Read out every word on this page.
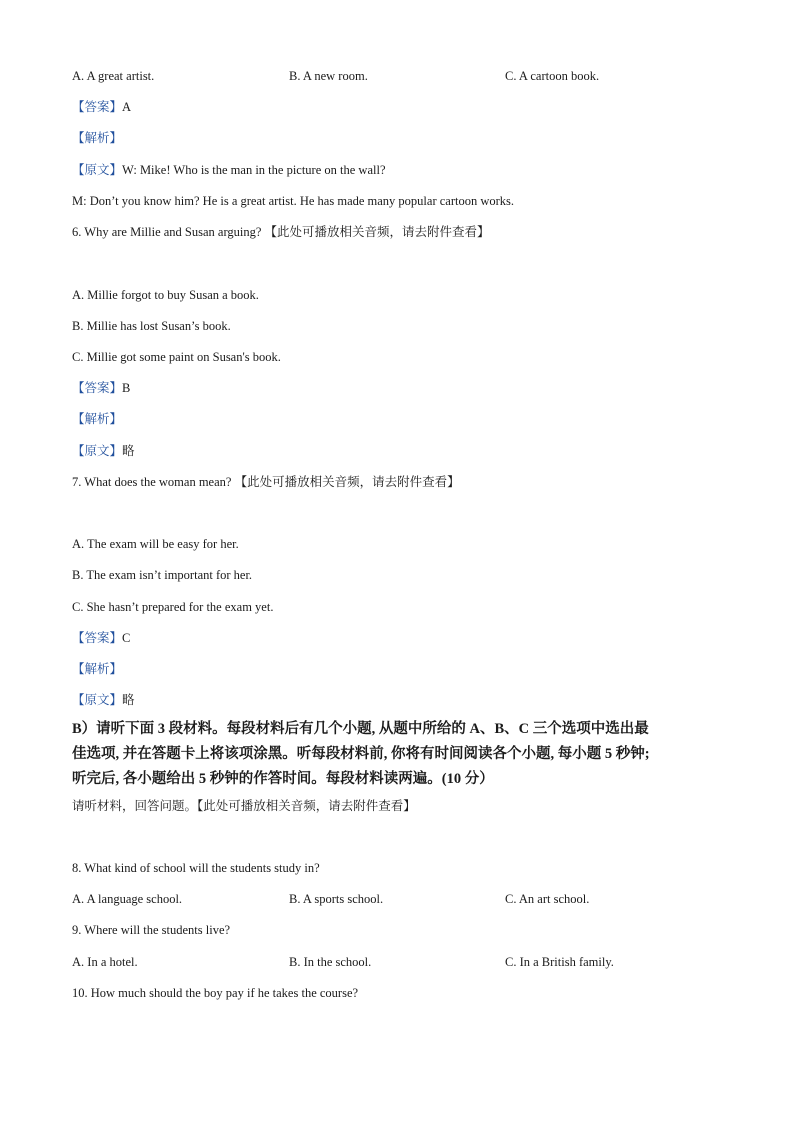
A. A great artist.	B. A new room.	C. A cartoon book.
【答案】A
【解析】
【原文】W: Mike! Who is the man in the picture on the wall?
M: Don’t you know him? He is a great artist. He has made many popular cartoon works.
6. Why are Millie and Susan arguing? 【此处可播放相关音频，请去附件查看】
A. Millie forgot to buy Susan a book.
B. Millie has lost Susan’s book.
C. Millie got some paint on Susan's book.
【答案】B
【解析】
【原文】略
7. What does the woman mean? 【此处可播放相关音频，请去附件查看】
A. The exam will be easy for her.
B. The exam isn’t important for her.
C. She hasn’t prepared for the exam yet.
【答案】C
【解析】
【原文】略
B）请听下面 3 段材料。每段材料后有几个小题, 从题中所给的 A、B、C 三个选项中选出最
佳选项, 并在答题卡上将该项涂黑。听每段材料前, 你将有时间阅读各个小题, 每小题 5 秒钟;
听完后, 各小题给出 5 秒钟的作答时间。每段材料读两遍。(10 分）
请听材料，回答问题。【此处可播放相关音频，请去附件查看】
8. What kind of school will the students study in?
A. A language school.	B. A sports school.	C. An art school.
9. Where will the students live?
A. In a hotel.	B. In the school.	C. In a British family.
10. How much should the boy pay if he takes the course?
